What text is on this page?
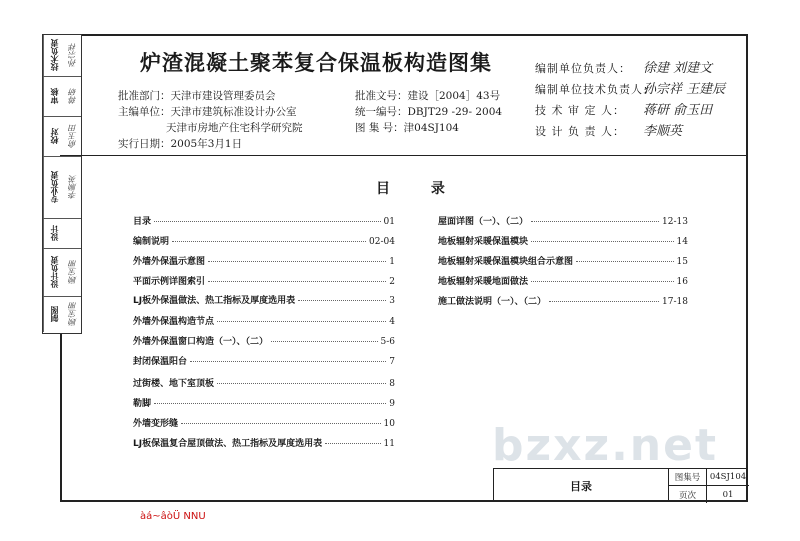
技术负责	孙宗祥
审核	蒋研
校对	俞玉田
专业负责	李顺英
设计
设计负责	顾宝丽
制图	顾宝丽
炉渣混凝土聚苯复合保温板构造图集
批准部门：天津市建设管理委员会
主编单位：天津市建筑标准设计办公室
天津市房地产住宅科学研究院
实行日期：2005年3月1日
批准文号：建设［2004］43号
统一编号：DBJT29 -29- 2004
图 集 号：津04SJ104
编制单位负责人： 徐建 刘建文
编制单位技术负责人：
孙宗祥 王建辰
技 术 审 定 人：	蒋研 俞玉田
设 计 负 责 人：	李顺英
目 录
目录	01
编制说明	02-04
外墙外保温示意图	1
平面示例详图索引	2
LJ板外保温做法、热工指标及厚度选用表	3
外墙外保温构造节点	4
外墙外保温窗口构造（一）、（二）	5-6
封闭保温阳台	7
过街楼、地下室顶板	8
勒脚	9
外墙变形缝	10
LJ板保温复合屋顶做法、热工指标及厚度选用表	11
屋面详图（一）、（二）	12-13
地板辐射采暖保温模块	14
地板辐射采暖保温模块组合示意图	15
地板辐射采暖地面做法	16
施工做法说明（一）、（二）	17-18
bzxz.net
目录
图集号	04SJ104
页次	01
àá~âòÜ NNU
